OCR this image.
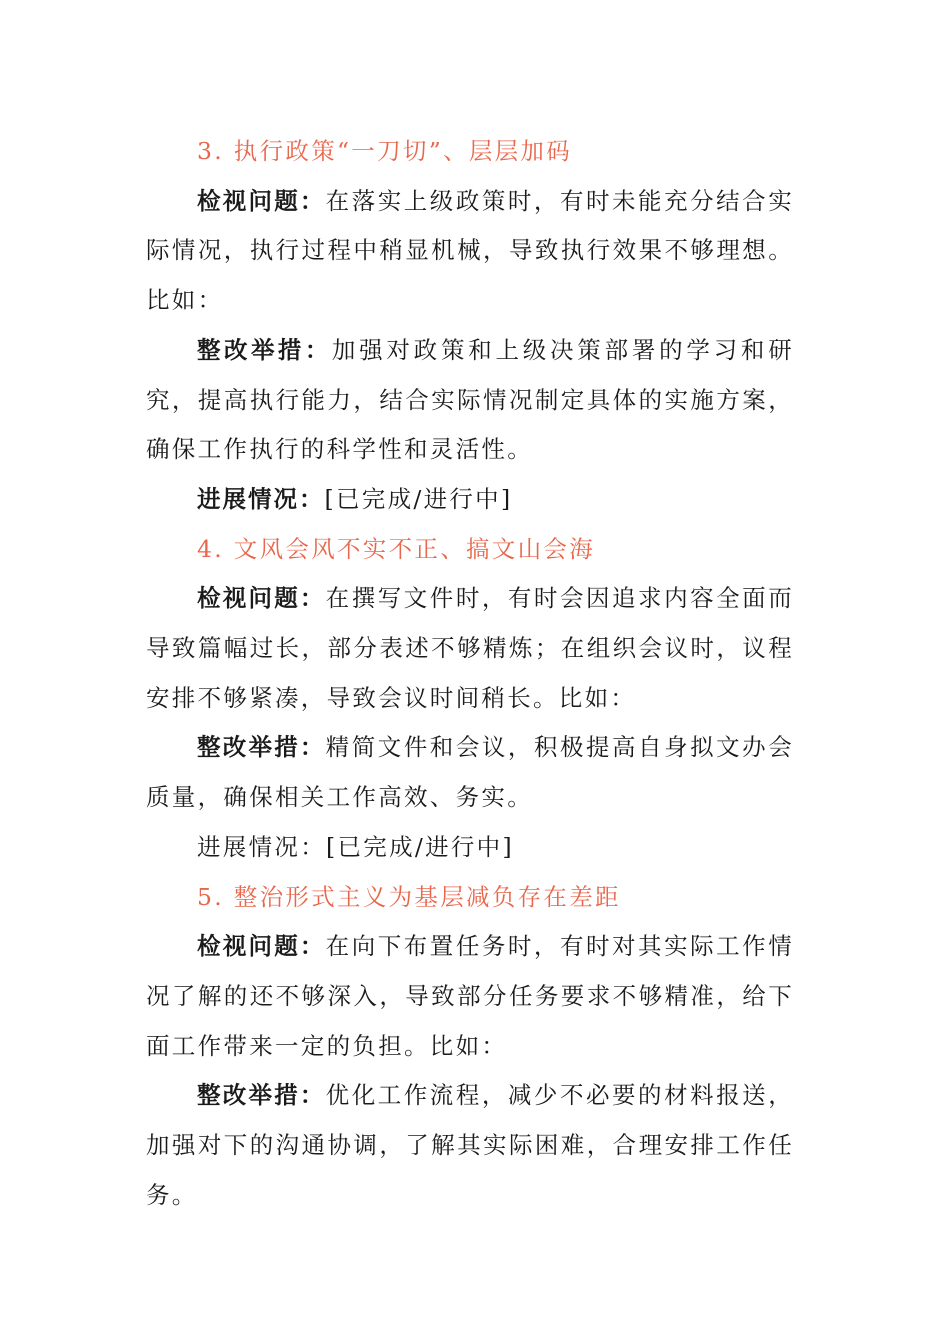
3. 执行政策“一刀切”、层层加码

检视问题：在落实上级政策时，有时未能充分结合实际情况，执行过程中稍显机械，导致执行效果不够理想。比如：

整改举措：加强对政策和上级决策部署的学习和研究，提高执行能力，结合实际情况制定具体的实施方案，确保工作执行的科学性和灵活性。

进展情况：[已完成/进行中]

4. 文风会风不实不正、搞文山会海

检视问题：在撰写文件时，有时会因追求内容全面而导致篇幅过长，部分表述不够精炼；在组织会议时，议程安排不够紧凑，导致会议时间稍长。比如：

整改举措：精简文件和会议，积极提高自身拟文办会质量，确保相关工作高效、务实。

进展情况：[已完成/进行中]

5. 整治形式主义为基层减负存在差距

检视问题：在向下布置任务时，有时对其实际工作情况了解的还不够深入，导致部分任务要求不够精准，给下面工作带来一定的负担。比如：

整改举措：优化工作流程，减少不必要的材料报送，加强对下的沟通协调，了解其实际困难，合理安排工作任务。
